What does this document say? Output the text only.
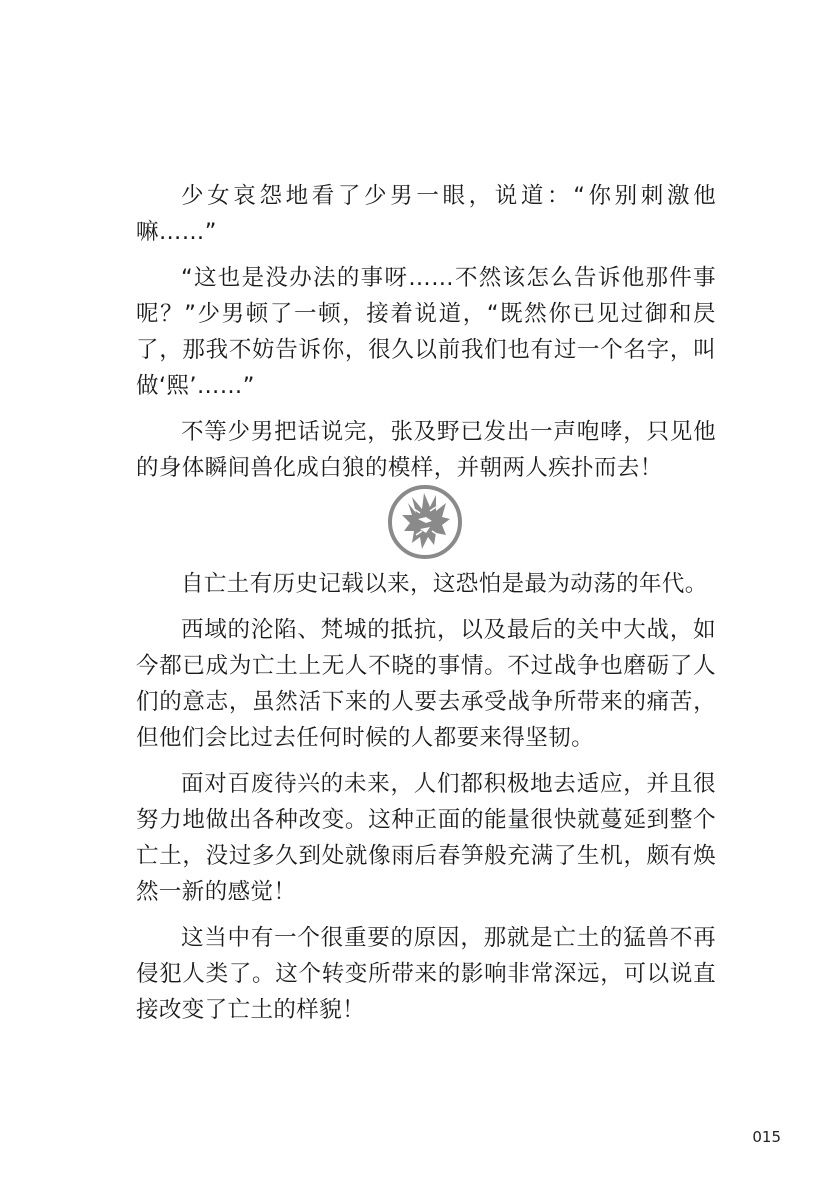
少女哀怨地看了少男一眼，说道：“你别刺激他嘛……”

“这也是没办法的事呀……不然该怎么告诉他那件事呢？”少男顿了一顿，接着说道，“既然你已见过御和昃了，那我不妨告诉你，很久以前我们也有过一个名字，叫做‘熙’……”

不等少男把话说完，张及野已发出一声咆哮，只见他的身体瞬间兽化成白狼的模样，并朝两人疾扑而去！

自亡土有历史记载以来，这恐怕是最为动荡的年代。

西域的沦陷、梵城的抵抗，以及最后的关中大战，如今都已成为亡土上无人不晓的事情。不过战争也磨砺了人们的意志，虽然活下来的人要去承受战争所带来的痛苦，但他们会比过去任何时候的人都要来得坚韧。

面对百废待兴的未来，人们都积极地去适应，并且很努力地做出各种改变。这种正面的能量很快就蔓延到整个亡土，没过多久到处就像雨后春笋般充满了生机，颇有焕然一新的感觉！

这当中有一个很重要的原因，那就是亡土的猛兽不再侵犯人类了。这个转变所带来的影响非常深远，可以说直接改变了亡土的样貌！

015
